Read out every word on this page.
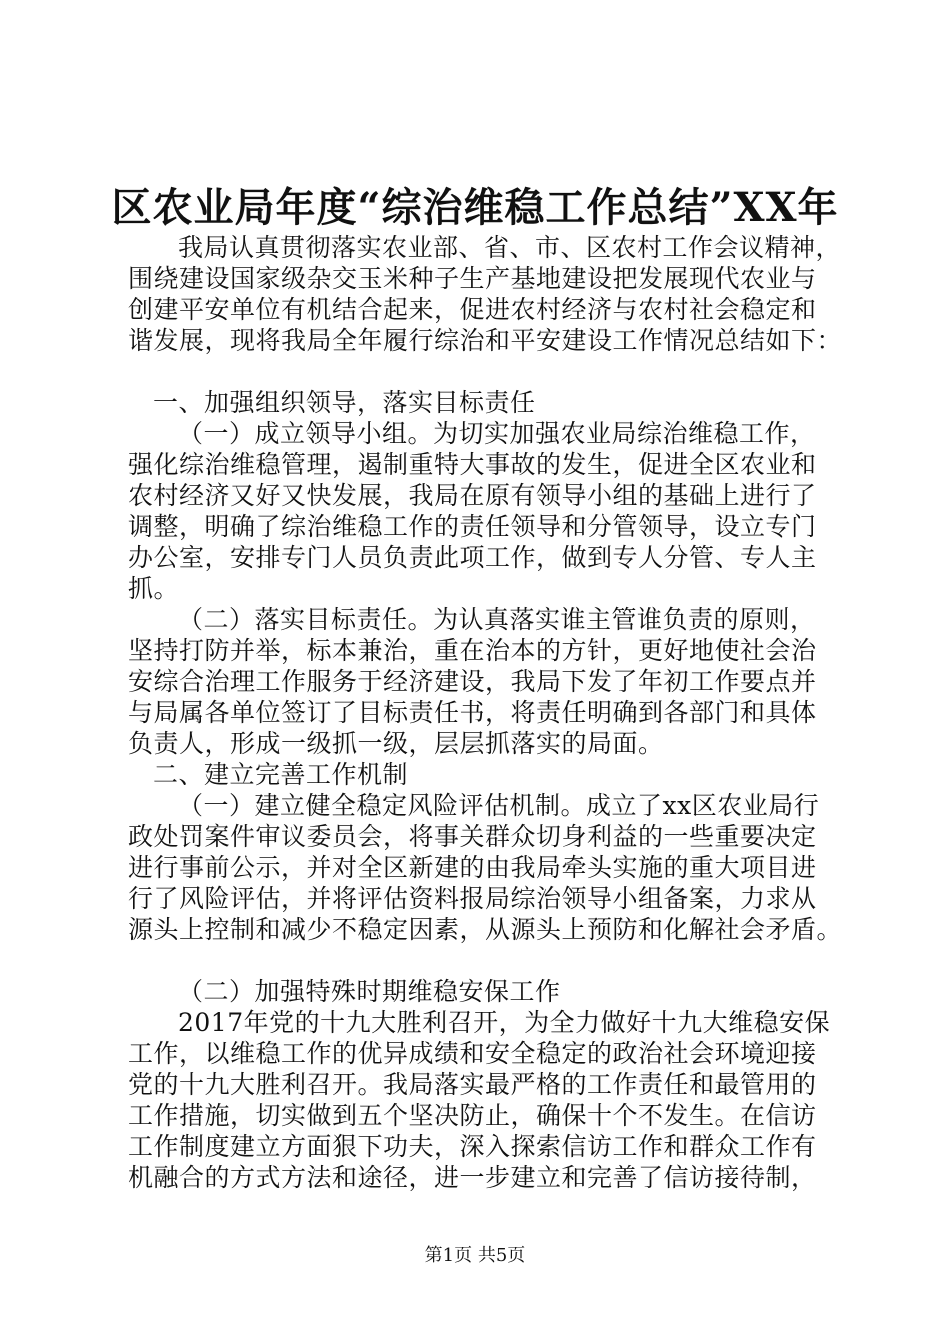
区农业局年度“综治维稳工作总结”XX年
我局认真贯彻落实农业部、省、市、区农村工作会议精神，
围绕建设国家级杂交玉米种子生产基地建设把发展现代农业与
创建平安单位有机结合起来，促进农村经济与农村社会稳定和
谐发展，现将我局全年履行综治和平安建设工作情况总结如下：
一、加强组织领导，落实目标责任
（一）成立领导小组。为切实加强农业局综治维稳工作，
强化综治维稳管理，遏制重特大事故的发生，促进全区农业和
农村经济又好又快发展，我局在原有领导小组的基础上进行了
调整，明确了综治维稳工作的责任领导和分管领导，设立专门
办公室，安排专门人员负责此项工作，做到专人分管、专人主
抓。
（二）落实目标责任。为认真落实谁主管谁负责的原则，
坚持打防并举，标本兼治，重在治本的方针，更好地使社会治
安综合治理工作服务于经济建设，我局下发了年初工作要点并
与局属各单位签订了目标责任书，将责任明确到各部门和具体
负责人，形成一级抓一级，层层抓落实的局面。
二、建立完善工作机制
（一）建立健全稳定风险评估机制。成立了xx区农业局行
政处罚案件审议委员会，将事关群众切身利益的一些重要决定
进行事前公示，并对全区新建的由我局牵头实施的重大项目进
行了风险评估，并将评估资料报局综治领导小组备案，力求从
源头上控制和减少不稳定因素，从源头上预防和化解社会矛盾。
（二）加强特殊时期维稳安保工作
2017年党的十九大胜利召开，为全力做好十九大维稳安保
工作，以维稳工作的优异成绩和安全稳定的政治社会环境迎接
党的十九大胜利召开。我局落实最严格的工作责任和最管用的
工作措施，切实做到五个坚决防止，确保十个不发生。在信访
工作制度建立方面狠下功夫，深入探索信访工作和群众工作有
机融合的方式方法和途径，进一步建立和完善了信访接待制，
第1页 共5页
